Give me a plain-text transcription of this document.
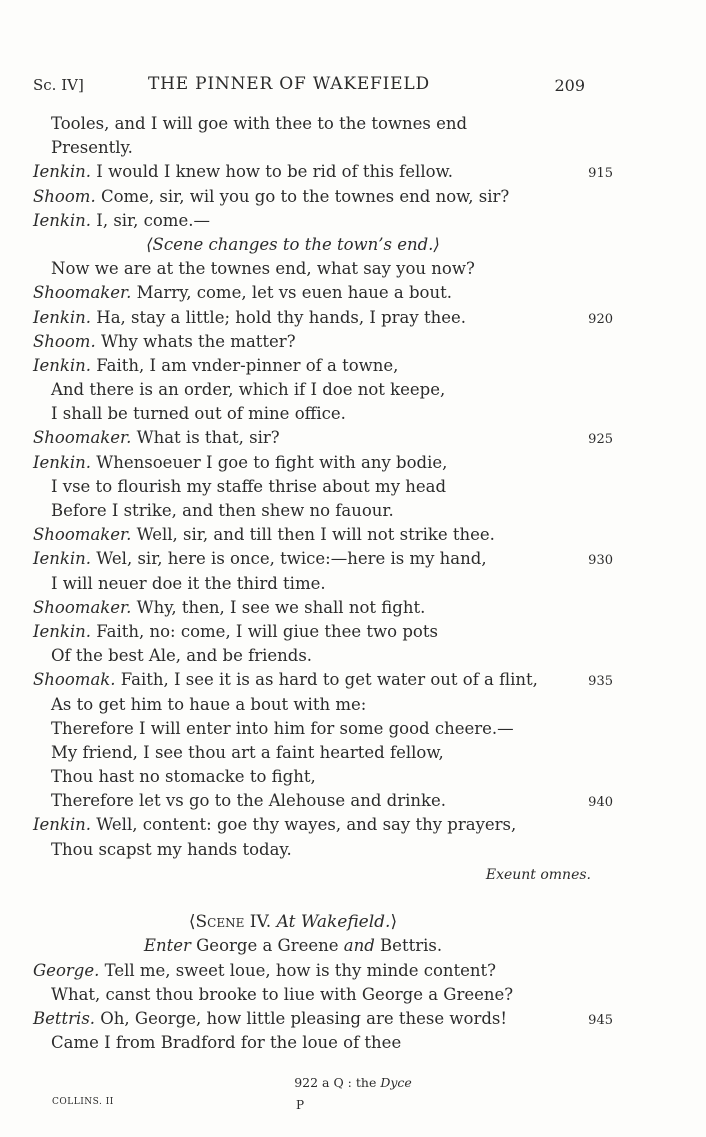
Sc. IV]	THE PINNER OF WAKEFIELD	209
Tooles, and I will goe with thee to the townes end
Presently.
Ienkin. I would I knew how to be rid of this fellow.	915
Shoom. Come, sir, wil you go to the townes end now, sir?
Ienkin. I, sir, come.—
⟨Scene changes to the town’s end.⟩
Now we are at the townes end, what say you now?
Shoomaker. Marry, come, let vs euen haue a bout.
Ienkin. Ha, stay a little; hold thy hands, I pray thee.	920
Shoom. Why whats the matter?
Ienkin. Faith, I am vnder-pinner of a towne,
And there is an order, which if I doe not keepe,
I shall be turned out of mine office.
Shoomaker. What is that, sir?	925
Ienkin. Whensoeuer I goe to fight with any bodie,
I vse to flourish my staffe thrise about my head
Before I strike, and then shew no fauour.
Shoomaker. Well, sir, and till then I will not strike thee.
Ienkin. Wel, sir, here is once, twice:—here is my hand,	930
I will neuer doe it the third time.
Shoomaker. Why, then, I see we shall not fight.
Ienkin. Faith, no: come, I will giue thee two pots
Of the best Ale, and be friends.
Shoomak. Faith, I see it is as hard to get water out of a flint,	935
As to get him to haue a bout with me:
Therefore I will enter into him for some good cheere.—
My friend, I see thou art a faint hearted fellow,
Thou hast no stomacke to fight,
Therefore let vs go to the Alehouse and drinke.	940
Ienkin. Well, content: goe thy wayes, and say thy prayers,
Thou scapst my hands today.
Exeunt omnes.

⟨Scene IV. At Wakefield.⟩
Enter George a Greene and Bettris.
George. Tell me, sweet loue, how is thy minde content?
What, canst thou brooke to liue with George a Greene?
Bettris. Oh, George, how little pleasing are these words!	945
Came I from Bradford for the loue of thee
922 a Q : the Dyce
COLLINS. II	P
